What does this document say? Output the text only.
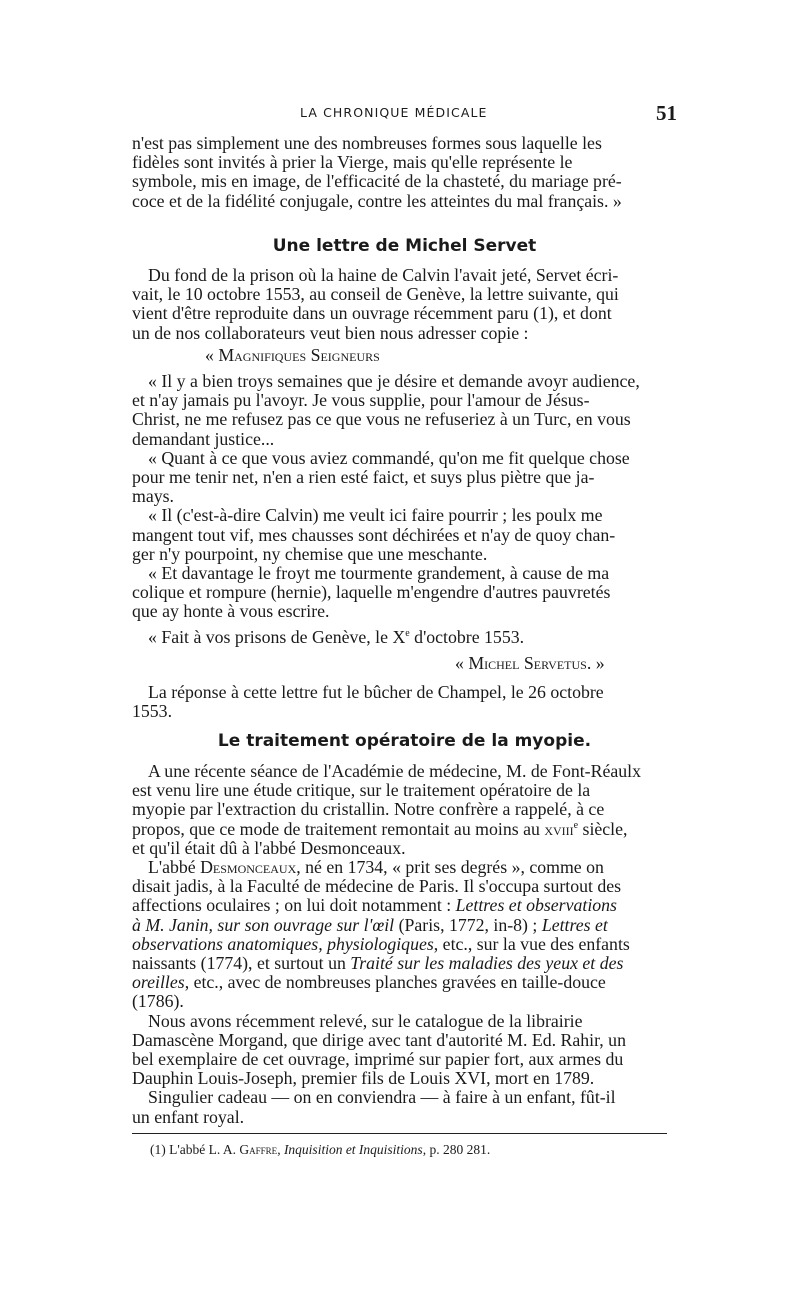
LA CHRONIQUE MÉDICALE	51

n'est pas simplement une des nombreuses formes sous laquelle les

fidèles sont invités à prier la Vierge, mais qu'elle représente le

symbole, mis en image, de l'efficacité de la chasteté, du mariage pré-

coce et de la fidélité conjugale, contre les atteintes du mal français. »

Une lettre de Michel Servet

Du fond de la prison où la haine de Calvin l'avait jeté, Servet écri-

vait, le 10 octobre 1553, au conseil de Genève, la lettre suivante, qui

vient d'être reproduite dans un ouvrage récemment paru (1), et dont

un de nos collaborateurs veut bien nous adresser copie :

« Magnifiques Seigneurs

« Il y a bien troys semaines que je désire et demande avoyr audience,

et n'ay jamais pu l'avoyr. Je vous supplie, pour l'amour de Jésus-

Christ, ne me refusez pas ce que vous ne refuseriez à un Turc, en vous

demandant justice...

« Quant à ce que vous aviez commandé, qu'on me fit quelque chose

pour me tenir net, n'en a rien esté faict, et suys plus piètre que ja-

mays.

« Il (c'est-à-dire Calvin) me veult ici faire pourrir ; les poulx me

mangent tout vif, mes chausses sont déchirées et n'ay de quoy chan-

ger n'y pourpoint, ny chemise que une meschante.

« Et davantage le froyt me tourmente grandement, à cause de ma

colique et rompure (hernie), laquelle m'engendre d'autres pauvretés

que ay honte à vous escrire.

« Fait à vos prisons de Genève, le Xe d'octobre 1553.

« Michel Servetus. »

La réponse à cette lettre fut le bûcher de Champel, le 26 octobre

1553.

Le traitement opératoire de la myopie.

A une récente séance de l'Académie de médecine, M. de Font-Réaulx

est venu lire une étude critique, sur le traitement opératoire de la

myopie par l'extraction du cristallin. Notre confrère a rappelé, à ce

propos, que ce mode de traitement remontait au moins au xviii$^e$ siècle,

et qu'il était dû à l'abbé Desmonceaux.

L'abbé Desmonceaux, né en 1734, « prit ses degrés », comme on

disait jadis, à la Faculté de médecine de Paris. Il s'occupa surtout des

affections oculaires ; on lui doit notamment : Lettres et observations

à M. Janin, sur son ouvrage sur l'œil (Paris, 1772, in-8) ; Lettres et

observations anatomiques, physiologiques, etc., sur la vue des enfants

naissants (1774), et surtout un Traité sur les maladies des yeux et des

oreilles, etc., avec de nombreuses planches gravées en taille-douce

(1786).

Nous avons récemment relevé, sur le catalogue de la librairie

Damascène Morgand, que dirige avec tant d'autorité M. Ed. Rahir, un

bel exemplaire de cet ouvrage, imprimé sur papier fort, aux armes du

Dauphin Louis-Joseph, premier fils de Louis XVI, mort en 1789.

Singulier cadeau — on en conviendra — à faire à un enfant, fût-il

un enfant royal.

(1) L'abbé L. A. Gaffre, Inquisition et Inquisitions, p. 280 281.
